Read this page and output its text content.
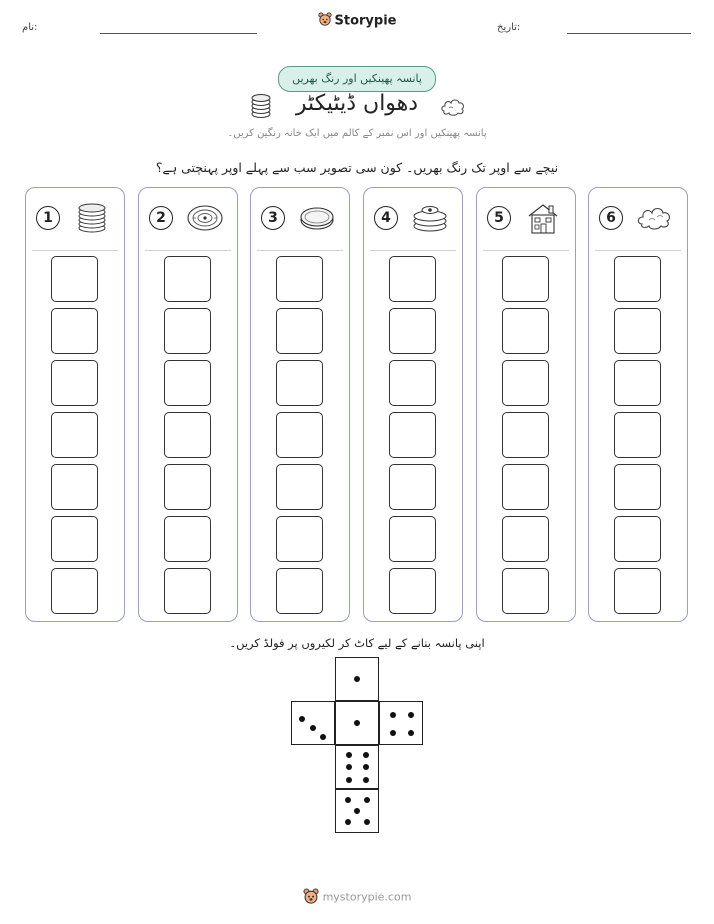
نام:	تاریخ:
Storypie
پانسہ پھینکیں اور رنگ بھریں
دھواں ڈیٹیکٹر
پانسہ پھینکیں اور اس نمبر کے کالم میں ایک خانہ رنگین کریں۔
نیچے سے اوپر تک رنگ بھریں۔ کون سی تصویر سب سے پہلے اوپر پہنچتی ہے؟
1	2	3	4	5	6
اپنی پانسہ بنانے کے لیے کاٹ کر لکیروں پر فولڈ کریں۔
mystorypie.com
